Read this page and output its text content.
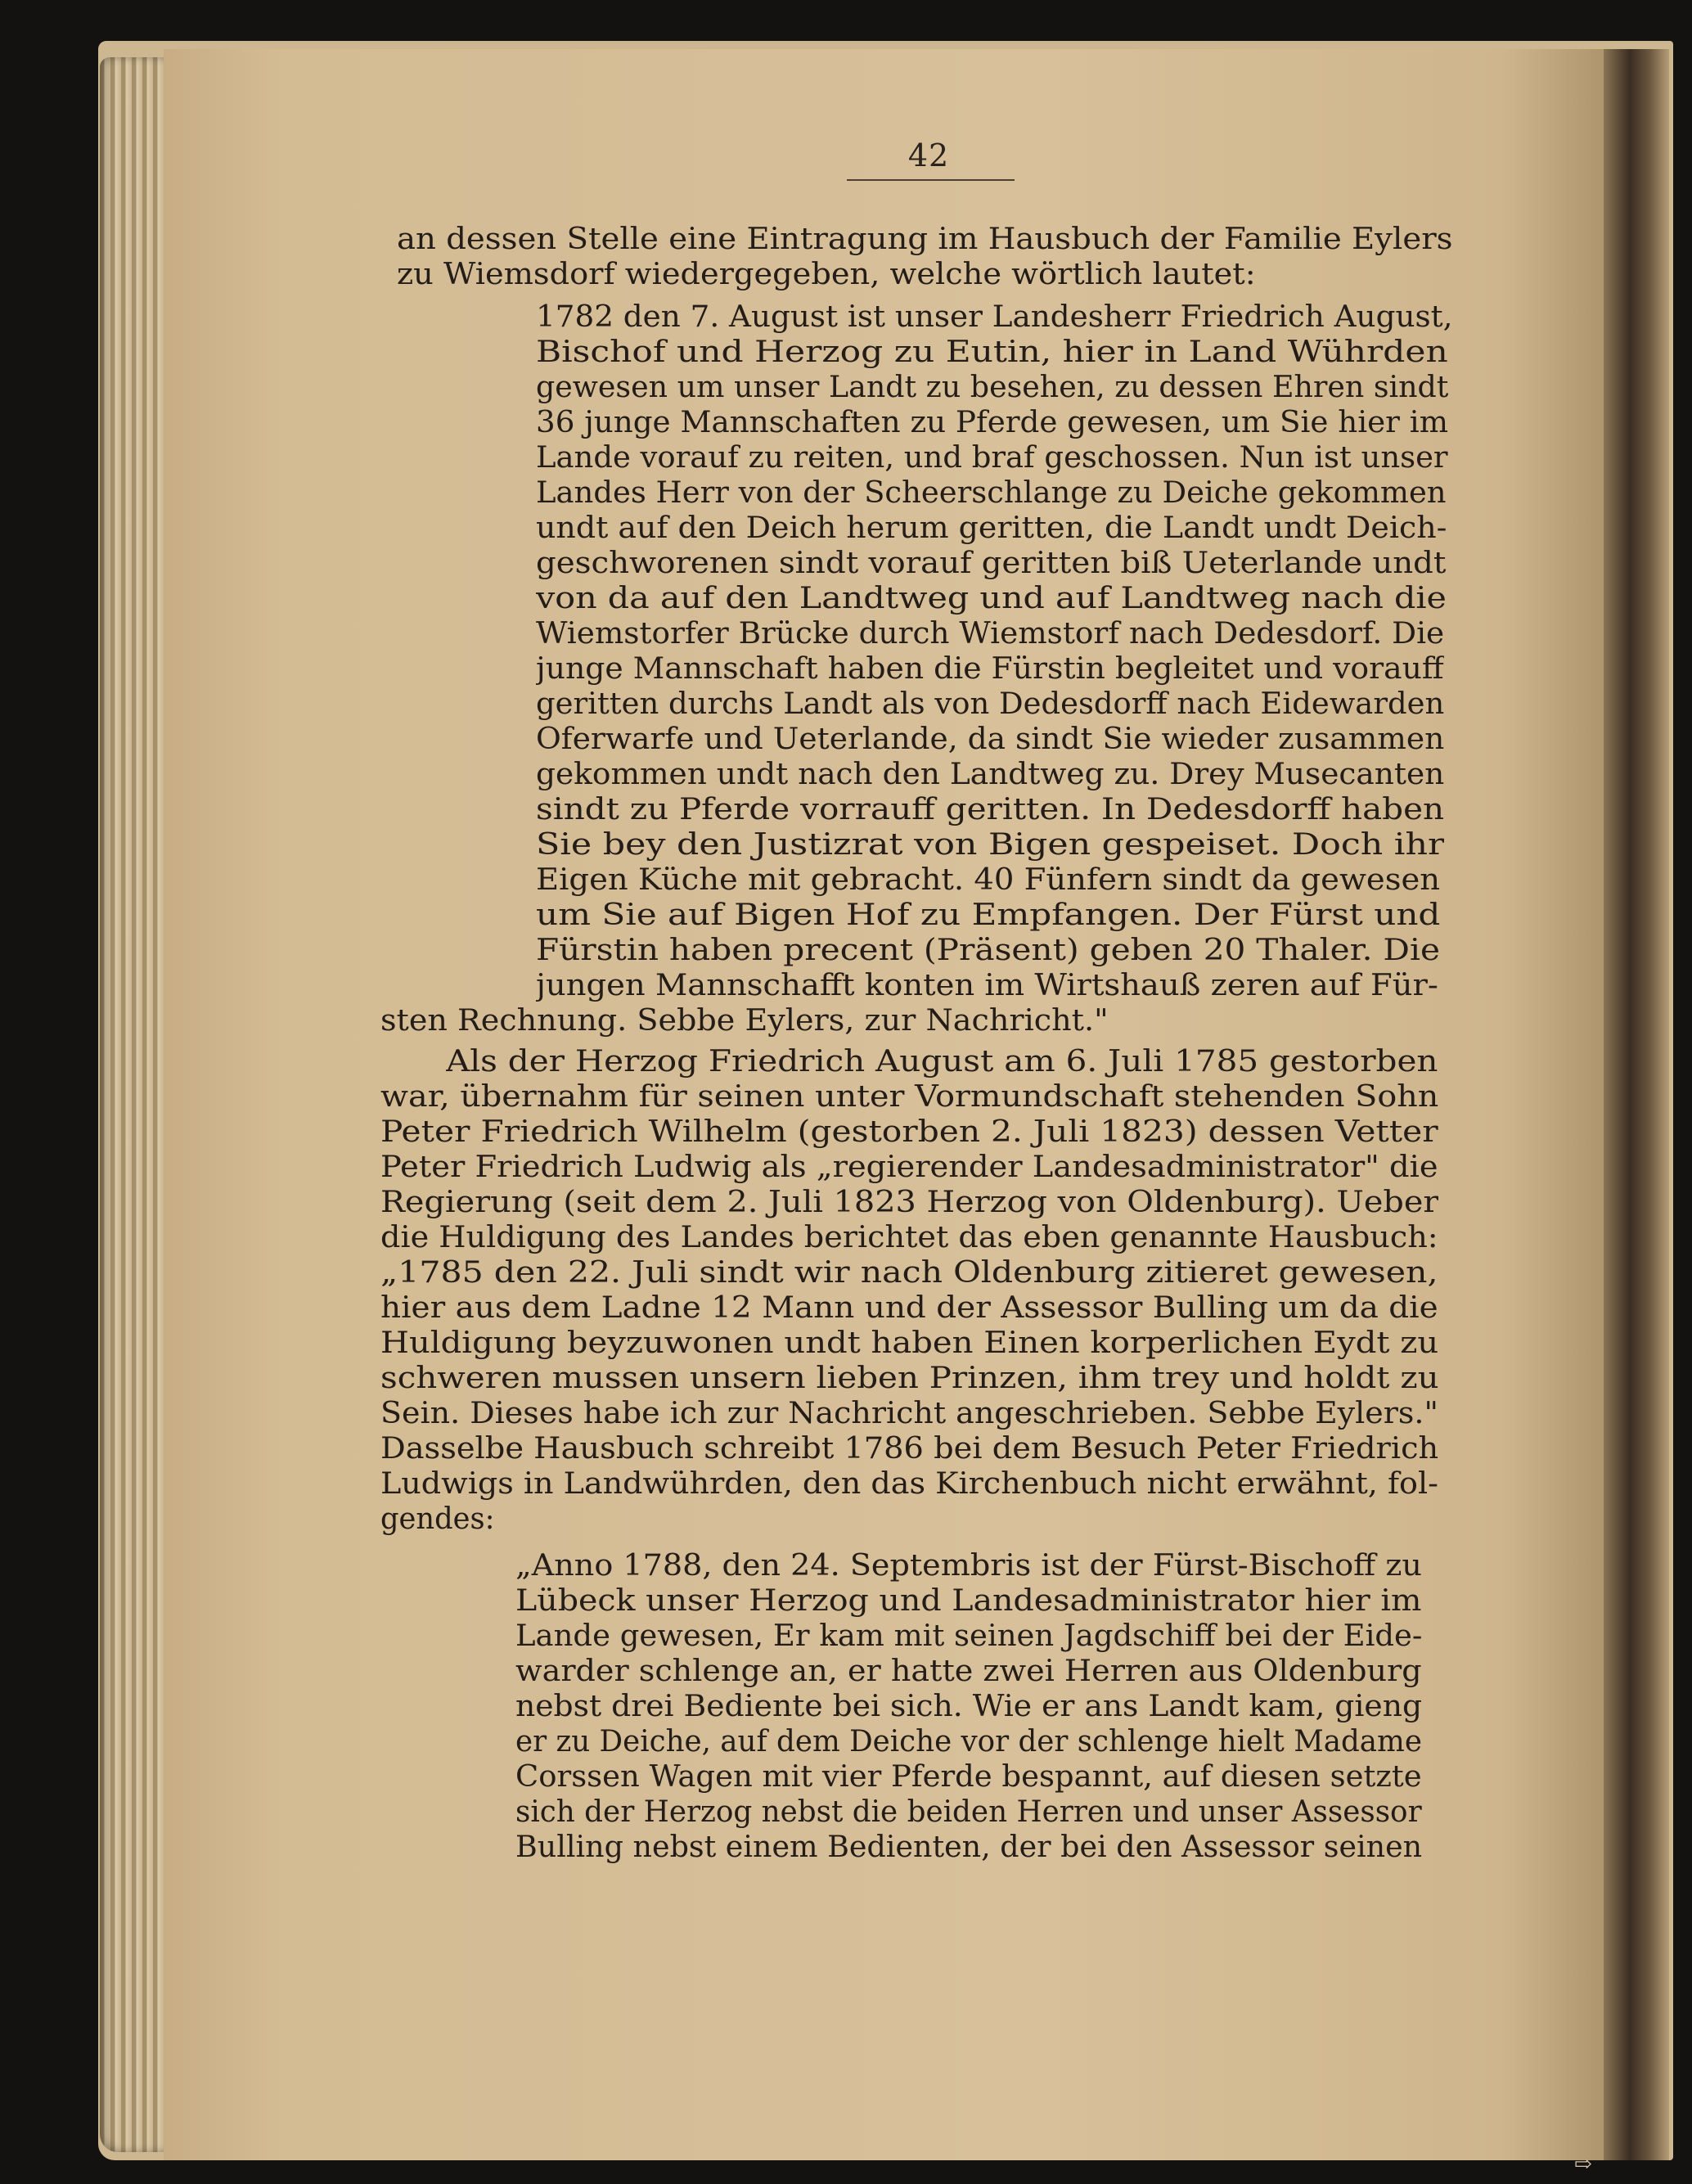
42

an dessen Stelle eine Eintragung im Hausbuch der Familie Eylers

zu Wiemsdorf wiedergegeben, welche wörtlich lautet:

1782 den 7. August ist unser Landesherr Friedrich August,

Bischof und Herzog zu Eutin, hier in Land Wührden

gewesen um unser Landt zu besehen, zu dessen Ehren sindt

36 junge Mannschaften zu Pferde gewesen, um Sie hier im

Lande vorauf zu reiten, und braf geschossen. Nun ist unser

Landes Herr von der Scheerschlange zu Deiche gekommen

undt auf den Deich herum geritten, die Landt undt Deich-

geschworenen sindt vorauf geritten biß Ueterlande undt

von da auf den Landtweg und auf Landtweg nach die

Wiemstorfer Brücke durch Wiemstorf nach Dedesdorf. Die

junge Mannschaft haben die Fürstin begleitet und vorauff

geritten durchs Landt als von Dedesdorff nach Eidewarden

Oferwarfe und Ueterlande, da sindt Sie wieder zusammen

gekommen undt nach den Landtweg zu. Drey Musecanten

sindt zu Pferde vorrauff geritten. In Dedesdorff haben

Sie bey den Justizrat von Bigen gespeiset. Doch ihr

Eigen Küche mit gebracht. 40 Fünfern sindt da gewesen

um Sie auf Bigen Hof zu Empfangen. Der Fürst und

Fürstin haben precent (Präsent) geben 20 Thaler. Die

jungen Mannschafft konten im Wirtshauß zeren auf Für-

sten Rechnung. Sebbe Eylers, zur Nachricht."

Als der Herzog Friedrich August am 6. Juli 1785 gestorben

war, übernahm für seinen unter Vormundschaft stehenden Sohn

Peter Friedrich Wilhelm (gestorben 2. Juli 1823) dessen Vetter

Peter Friedrich Ludwig als „regierender Landesadministrator" die

Regierung (seit dem 2. Juli 1823 Herzog von Oldenburg). Ueber

die Huldigung des Landes berichtet das eben genannte Hausbuch:

„1785 den 22. Juli sindt wir nach Oldenburg zitieret gewesen,

hier aus dem Ladne 12 Mann und der Assessor Bulling um da die

Huldigung beyzuwonen undt haben Einen korperlichen Eydt zu

schweren mussen unsern lieben Prinzen, ihm trey und holdt zu

Sein. Dieses habe ich zur Nachricht angeschrieben. Sebbe Eylers."

Dasselbe Hausbuch schreibt 1786 bei dem Besuch Peter Friedrich

Ludwigs in Landwührden, den das Kirchenbuch nicht erwähnt, fol-

gendes:

„Anno 1788, den 24. Septembris ist der Fürst-Bischoff zu

Lübeck unser Herzog und Landesadministrator hier im

Lande gewesen, Er kam mit seinen Jagdschiff bei der Eide-

warder schlenge an, er hatte zwei Herren aus Oldenburg

nebst drei Bediente bei sich. Wie er ans Landt kam, gieng

er zu Deiche, auf dem Deiche vor der schlenge hielt Madame

Corssen Wagen mit vier Pferde bespannt, auf diesen setzte

sich der Herzog nebst die beiden Herren und unser Assessor

Bulling nebst einem Bedienten, der bei den Assessor seinen

⇨
